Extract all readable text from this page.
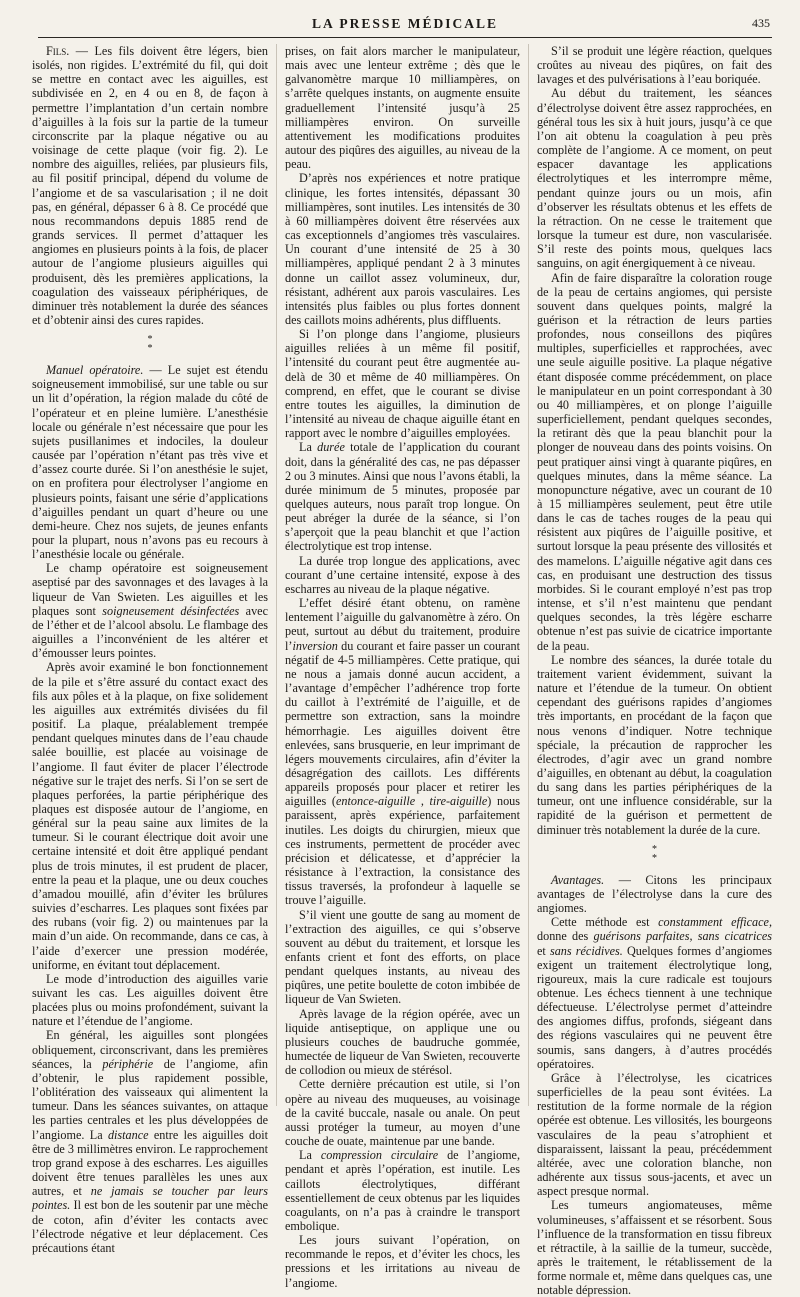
LA PRESSE MÉDICALE	435

Fils. — Les fils doivent être légers, bien isolés, non rigides. L’extrémité du fil, qui doit se mettre en contact avec les aiguilles, est subdivisée en 2, en 4 ou en 8, de façon à permettre l’implantation d’un certain nombre d’aiguilles à la fois sur la partie de la tumeur circonscrite par la plaque négative ou au voisinage de cette plaque (voir fig. 2). Le nombre des aiguilles, reliées, par plusieurs fils, au fil positif principal, dépend du volume de l’angiome et de sa vascularisation ; il ne doit pas, en général, dépasser 6 à 8. Ce procédé que nous recommandons depuis 1885 rend de grands services. Il permet d’attaquer les angiomes en plusieurs points à la fois, de placer autour de l’angiome plusieurs aiguilles qui produisent, dès les premières applications, la coagulation des vaisseaux périphériques, de diminuer très notablement la durée des séances et d’obtenir ainsi des cures rapides.

*
*

Manuel opératoire. — Le sujet est étendu soigneusement immobilisé, sur une table ou sur un lit d’opération, la région malade du côté de l’opérateur et en pleine lumière. L’anesthésie locale ou générale n’est nécessaire que pour les sujets pusillanimes et indociles, la douleur causée par l’opération n’étant pas très vive et d’assez courte durée. Si l’on anesthésie le sujet, on en profitera pour électrolyser l’angiome en plusieurs points, faisant une série d’applications d’aiguilles pendant un quart d’heure ou une demi-heure. Chez nos sujets, de jeunes enfants pour la plupart, nous n’avons pas eu recours à l’anesthésie locale ou générale.

Le champ opératoire est soigneusement aseptisé par des savonnages et des lavages à la liqueur de Van Swieten. Les aiguilles et les plaques sont soigneusement désinfectées avec de l’éther et de l’alcool absolu. Le flambage des aiguilles a l’inconvénient de les altérer et d’émousser leurs pointes.

Après avoir examiné le bon fonctionnement de la pile et s’être assuré du contact exact des fils aux pôles et à la plaque, on fixe solidement les aiguilles aux extrémités divisées du fil positif. La plaque, préalablement trempée pendant quelques minutes dans de l’eau chaude salée bouillie, est placée au voisinage de l’angiome. Il faut éviter de placer l’électrode négative sur le trajet des nerfs. Si l’on se sert de plaques perforées, la partie périphérique des plaques est disposée autour de l’angiome, en général sur la peau saine aux limites de la tumeur. Si le courant électrique doit avoir une certaine intensité et doit être appliqué pendant plus de trois minutes, il est prudent de placer, entre la peau et la plaque, une ou deux couches d’amadou mouillé, afin d’éviter les brûlures suivies d’escharres. Les plaques sont fixées par des rubans (voir fig. 2) ou maintenues par la main d’un aide. On recommande, dans ce cas, à l’aide d’exercer une pression modérée, uniforme, en évitant tout déplacement.

Le mode d’introduction des aiguilles varie suivant les cas. Les aiguilles doivent être placées plus ou moins profondément, suivant la nature et l’étendue de l’angiome.

En général, les aiguilles sont plongées obliquement, circonscrivant, dans les premières séances, la périphérie de l’angiome, afin d’obtenir, le plus rapidement possible, l’oblitération des vaisseaux qui alimentent la tumeur. Dans les séances suivantes, on attaque les parties centrales et les plus développées de l’angiome. La distance entre les aiguilles doit être de 3 millimètres environ. Le rapprochement trop grand expose à des escharres. Les aiguilles doivent être tenues parallèles les unes aux autres, et ne jamais se toucher par leurs pointes. Il est bon de les soutenir par une mèche de coton, afin d’éviter les contacts avec l’électrode négative et leur déplacement. Ces précautions étant

prises, on fait alors marcher le manipulateur, mais avec une lenteur extrême ; dès que le galvanomètre marque 10 milliampères, on s’arrête quelques instants, on augmente ensuite graduellement l’intensité jusqu’à 25 milliampères environ. On surveille attentivement les modifications produites autour des piqûres des aiguilles, au niveau de la peau.

D’après nos expériences et notre pratique clinique, les fortes intensités, dépassant 30 milliampères, sont inutiles. Les intensités de 30 à 60 milliampères doivent être réservées aux cas exceptionnels d’angiomes très vasculaires. Un courant d’une intensité de 25 à 30 milliampères, appliqué pendant 2 à 3 minutes donne un caillot assez volumineux, dur, résistant, adhérent aux parois vasculaires. Les intensités plus faibles ou plus fortes donnent des caillots moins adhérents, plus diffluents.

Si l’on plonge dans l’angiome, plusieurs aiguilles reliées à un même fil positif, l’intensité du courant peut être augmentée au-delà de 30 et même de 40 milliampères. On comprend, en effet, que le courant se divise entre toutes les aiguilles, la diminution de l’intensité au niveau de chaque aiguille étant en rapport avec le nombre d’aiguilles employées.

La durée totale de l’application du courant doit, dans la généralité des cas, ne pas dépasser 2 ou 3 minutes. Ainsi que nous l’avons établi, la durée minimum de 5 minutes, proposée par quelques auteurs, nous paraît trop longue. On peut abréger la durée de la séance, si l’on s’aperçoit que la peau blanchit et que l’action électrolytique est trop intense.

La durée trop longue des applications, avec courant d’une certaine intensité, expose à des escharres au niveau de la plaque négative.

L’effet désiré étant obtenu, on ramène lentement l’aiguille du galvanomètre à zéro. On peut, surtout au début du traitement, produire l’inversion du courant et faire passer un courant négatif de 4-5 milliampères. Cette pratique, qui ne nous a jamais donné aucun accident, a l’avantage d’empêcher l’adhérence trop forte du caillot à l’extrémité de l’aiguille, et de permettre son extraction, sans la moindre hémorrhagie. Les aiguilles doivent être enlevées, sans brusquerie, en leur imprimant de légers mouvements circulaires, afin d’éviter la désagrégation des caillots. Les différents appareils proposés pour placer et retirer les aiguilles (entonce-aiguille , tire-aiguille) nous paraissent, après expérience, parfaitement inutiles. Les doigts du chirurgien, mieux que ces instruments, permettent de procéder avec précision et délicatesse, et d’apprécier la résistance à l’extraction, la consistance des tissus traversés, la profondeur à laquelle se trouve l’aiguille.

S’il vient une goutte de sang au moment de l’extraction des aiguilles, ce qui s’observe souvent au début du traitement, et lorsque les enfants crient et font des efforts, on place pendant quelques instants, au niveau des piqûres, une petite boulette de coton imbibée de liqueur de Van Swieten.

Après lavage de la région opérée, avec un liquide antiseptique, on applique une ou plusieurs couches de baudruche gommée, humectée de liqueur de Van Swieten, recouverte de collodion ou mieux de stérésol.

Cette dernière précaution est utile, si l’on opère au niveau des muqueuses, au voisinage de la cavité buccale, nasale ou anale. On peut aussi protéger la tumeur, au moyen d’une couche de ouate, maintenue par une bande.

La compression circulaire de l’angiome, pendant et après l’opération, est inutile. Les caillots électrolytiques, différant essentiellement de ceux obtenus par les liquides coagulants, on n’a pas à craindre le transport embolique.

Les jours suivant l’opération, on recommande le repos, et d’éviter les chocs, les pressions et les irritations au niveau de l’angiome.

S’il se produit une légère réaction, quelques croûtes au niveau des piqûres, on fait des lavages et des pulvérisations à l’eau boriquée.

Au début du traitement, les séances d’électrolyse doivent être assez rapprochées, en général tous les six à huit jours, jusqu’à ce que l’on ait obtenu la coagulation à peu près complète de l’angiome. A ce moment, on peut espacer davantage les applications électrolytiques et les interrompre même, pendant quinze jours ou un mois, afin d’observer les résultats obtenus et les effets de la rétraction. On ne cesse le traitement que lorsque la tumeur est dure, non vascularisée. S’il reste des points mous, quelques lacs sanguins, on agit énergiquement à ce niveau.

Afin de faire disparaître la coloration rouge de la peau de certains angiomes, qui persiste souvent dans quelques points, malgré la guérison et la rétraction de leurs parties profondes, nous conseillons des piqûres multiples, superficielles et rapprochées, avec une seule aiguille positive. La plaque négative étant disposée comme précédemment, on place le manipulateur en un point correspondant à 30 ou 40 milliampères, et on plonge l’aiguille superficiellement, pendant quelques secondes, la retirant dès que la peau blanchit pour la plonger de nouveau dans des points voisins. On peut pratiquer ainsi vingt à quarante piqûres, en quelques minutes, dans la même séance. La monopuncture négative, avec un courant de 10 à 15 milliampères seulement, peut être utile dans le cas de taches rouges de la peau qui résistent aux piqûres de l’aiguille positive, et surtout lorsque la peau présente des villosités et des mamelons. L’aiguille négative agit dans ces cas, en produisant une destruction des tissus morbides. Si le courant employé n’est pas trop intense, et s’il n’est maintenu que pendant quelques secondes, la très légère escharre obtenue n’est pas suivie de cicatrice importante de la peau.

Le nombre des séances, la durée totale du traitement varient évidemment, suivant la nature et l’étendue de la tumeur. On obtient cependant des guérisons rapides d’angiomes très importants, en procédant de la façon que nous venons d’indiquer. Notre technique spéciale, la précaution de rapprocher les électrodes, d’agir avec un grand nombre d’aiguilles, en obtenant au début, la coagulation du sang dans les parties périphériques de la tumeur, ont une influence considérable, sur la rapidité de la guérison et permettent de diminuer très notablement la durée de la cure.

*
*

Avantages. — Citons les principaux avantages de l’électrolyse dans la cure des angiomes.

Cette méthode est constamment efficace, donne des guérisons parfaites, sans cicatrices et sans récidives. Quelques formes d’angiomes exigent un traitement électrolytique long, rigoureux, mais la cure radicale est toujours obtenue. Les échecs tiennent à une technique défectueuse. L’électrolyse permet d’atteindre des angiomes diffus, profonds, siégeant dans des régions vasculaires qui ne peuvent être soumis, sans dangers, à d’autres procédés opératoires.

Grâce à l’électrolyse, les cicatrices superficielles de la peau sont évitées. La restitution de la forme normale de la région opérée est obtenue. Les villosités, les bourgeons vasculaires de la peau s’atrophient et disparaissent, laissant la peau, précédemment altérée, avec une coloration blanche, non adhérente aux tissus sous-jacents, et avec un aspect presque normal.

Les tumeurs angiomateuses, même volumineuses, s’affaissent et se résorbent. Sous l’influence de la transformation en tissu fibreux et rétractile, à la saillie de la tumeur, succède, après le traitement, le rétablissement de la forme normale et, même dans quelques cas, une notable dépression.
